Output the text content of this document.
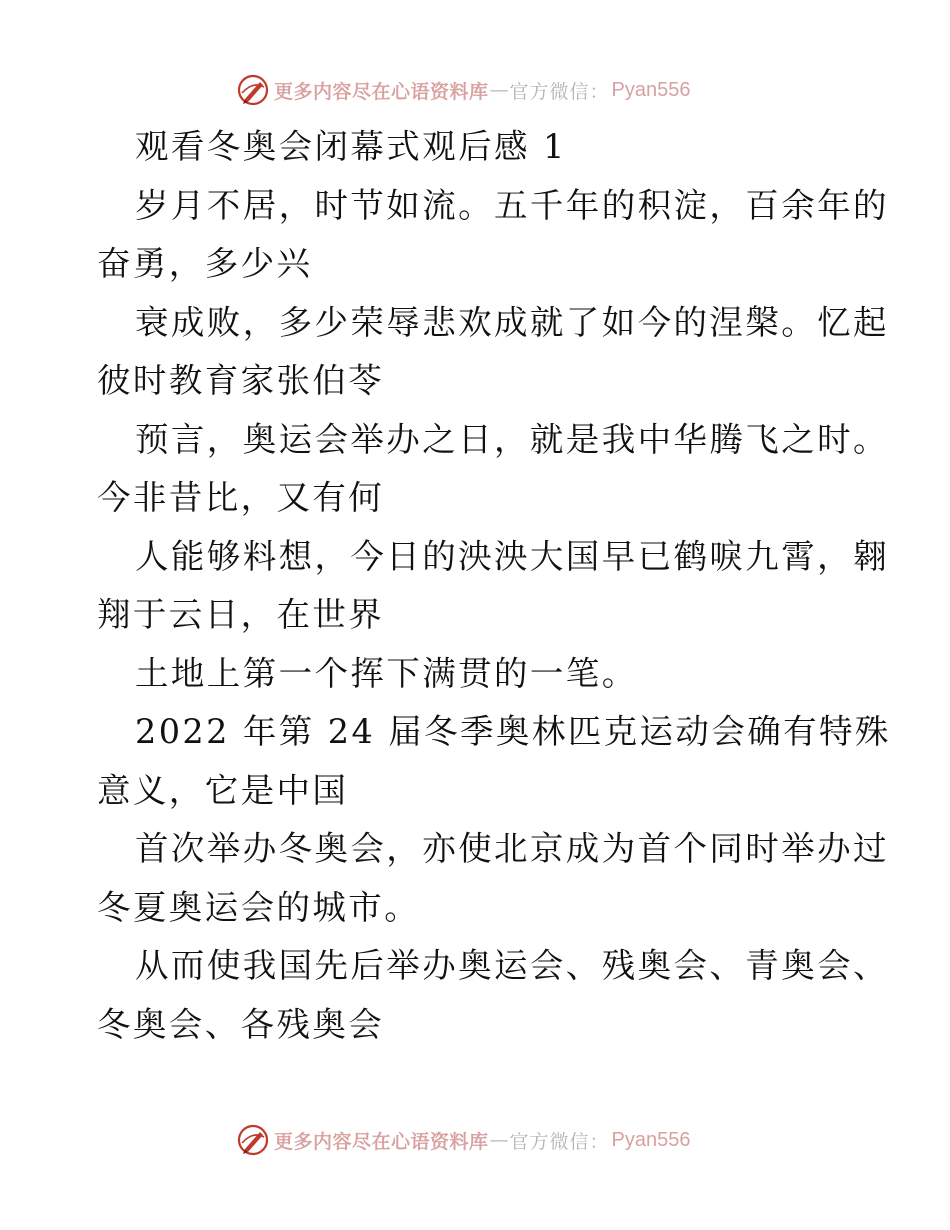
更多内容尽在心语资料库 — 官方微信： Pyan556
观看冬奥会闭幕式观后感 1
岁月不居，时节如流。五千年的积淀，百余年的
奋勇，多少兴
衰成败，多少荣辱悲欢成就了如今的涅槃。忆起
彼时教育家张伯苓
预言，奥运会举办之日，就是我中华腾飞之时。
今非昔比，又有何
人能够料想，今日的泱泱大国早已鹤唳九霄，翱
翔于云日，在世界
土地上第一个挥下满贯的一笔。
2022 年第 24 届冬季奥林匹克运动会确有特殊
意义，它是中国
首次举办冬奥会，亦使北京成为首个同时举办过
冬夏奥运会的城市。
从而使我国先后举办奥运会、残奥会、青奥会、
冬奥会、各残奥会
更多内容尽在心语资料库 — 官方微信： Pyan556
